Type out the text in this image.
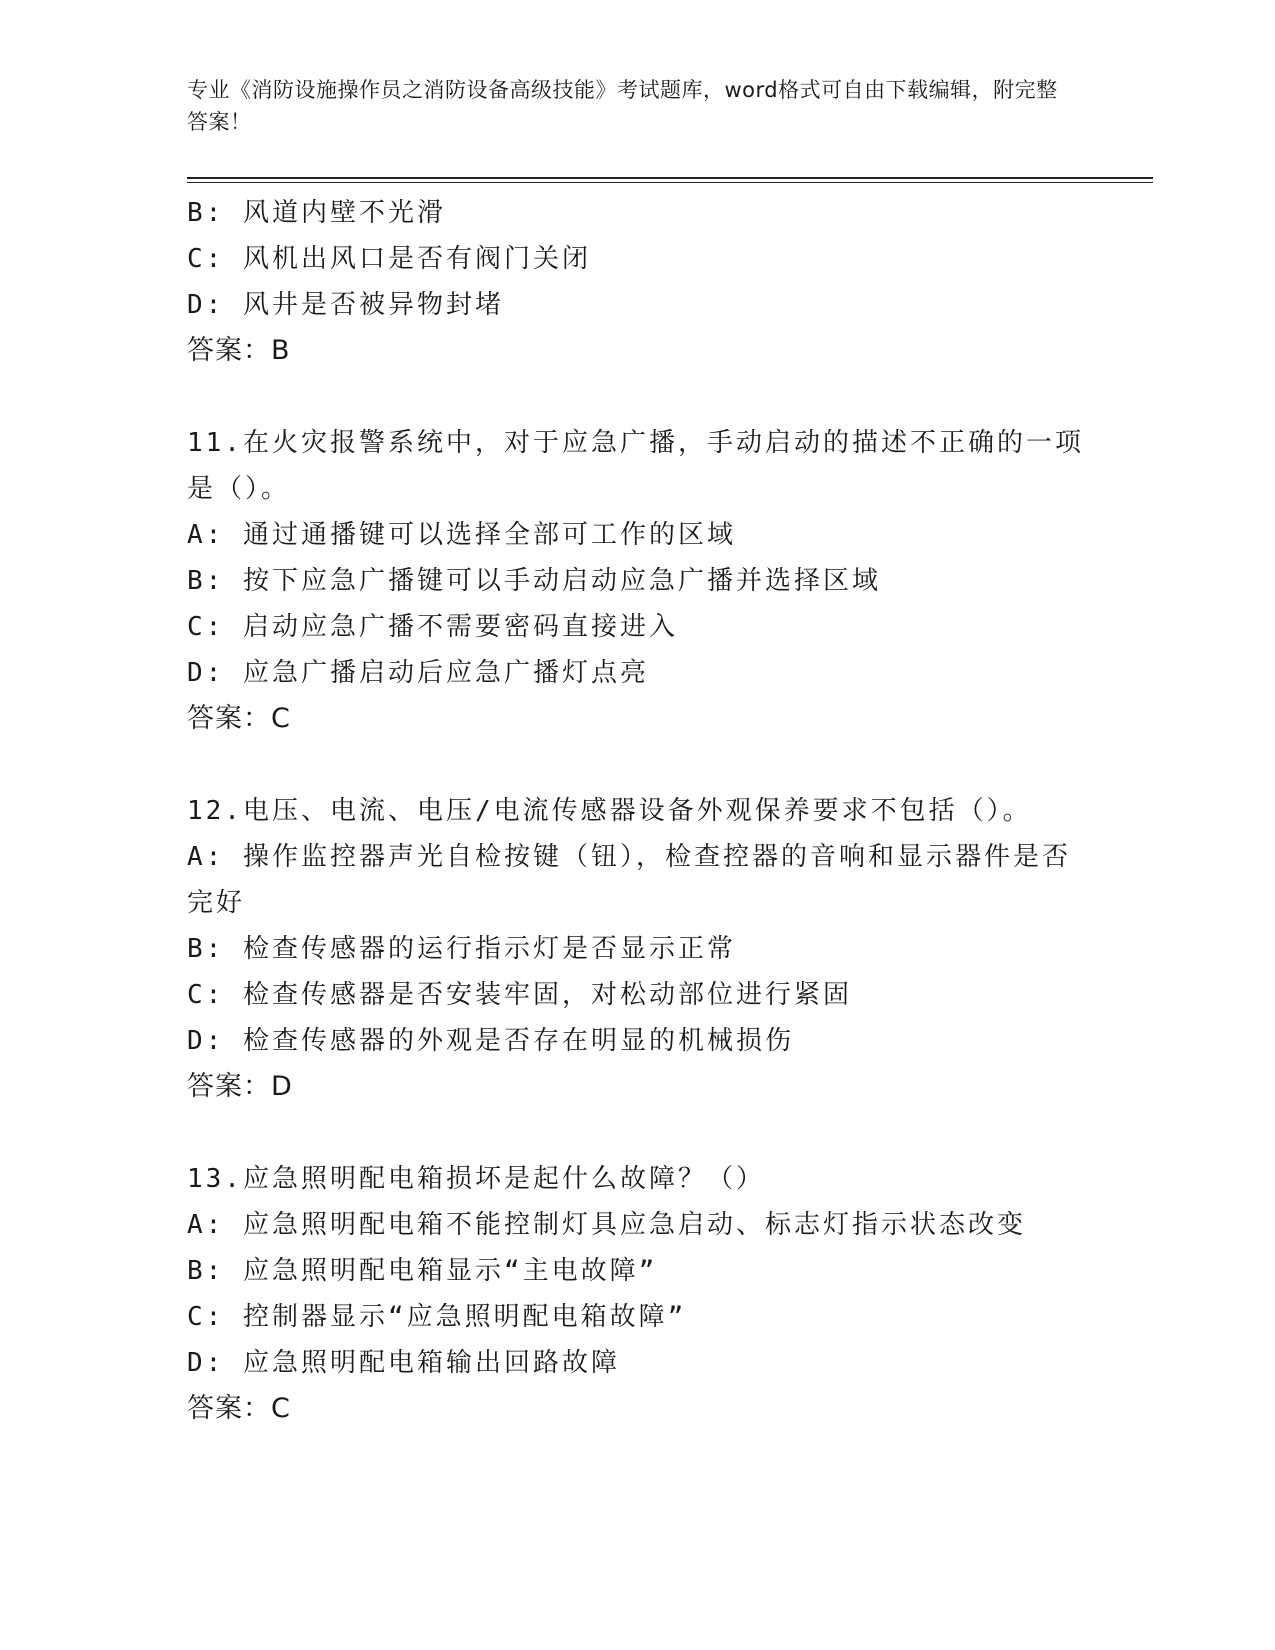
专业《消防设施操作员之消防设备高级技能》考试题库，word格式可自由下载编辑，附完整答案！
B: 风道内壁不光滑
C: 风机出风口是否有阀门关闭
D: 风井是否被异物封堵
答案：B
11.在火灾报警系统中，对于应急广播，手动启动的描述不正确的一项是（）。
A: 通过通播键可以选择全部可工作的区域
B: 按下应急广播键可以手动启动应急广播并选择区域
C: 启动应急广播不需要密码直接进入
D: 应急广播启动后应急广播灯点亮
答案：C
12.电压、电流、电压/电流传感器设备外观保养要求不包括（）。
A: 操作监控器声光自检按键（钮），检查控器的音响和显示器件是否完好
B: 检查传感器的运行指示灯是否显示正常
C: 检查传感器是否安装牢固，对松动部位进行紧固
D: 检查传感器的外观是否存在明显的机械损伤
答案：D
13.应急照明配电箱损坏是起什么故障？（）
A: 应急照明配电箱不能控制灯具应急启动、标志灯指示状态改变
B: 应急照明配电箱显示“主电故障”
C: 控制器显示“应急照明配电箱故障”
D: 应急照明配电箱输出回路故障
答案：C
